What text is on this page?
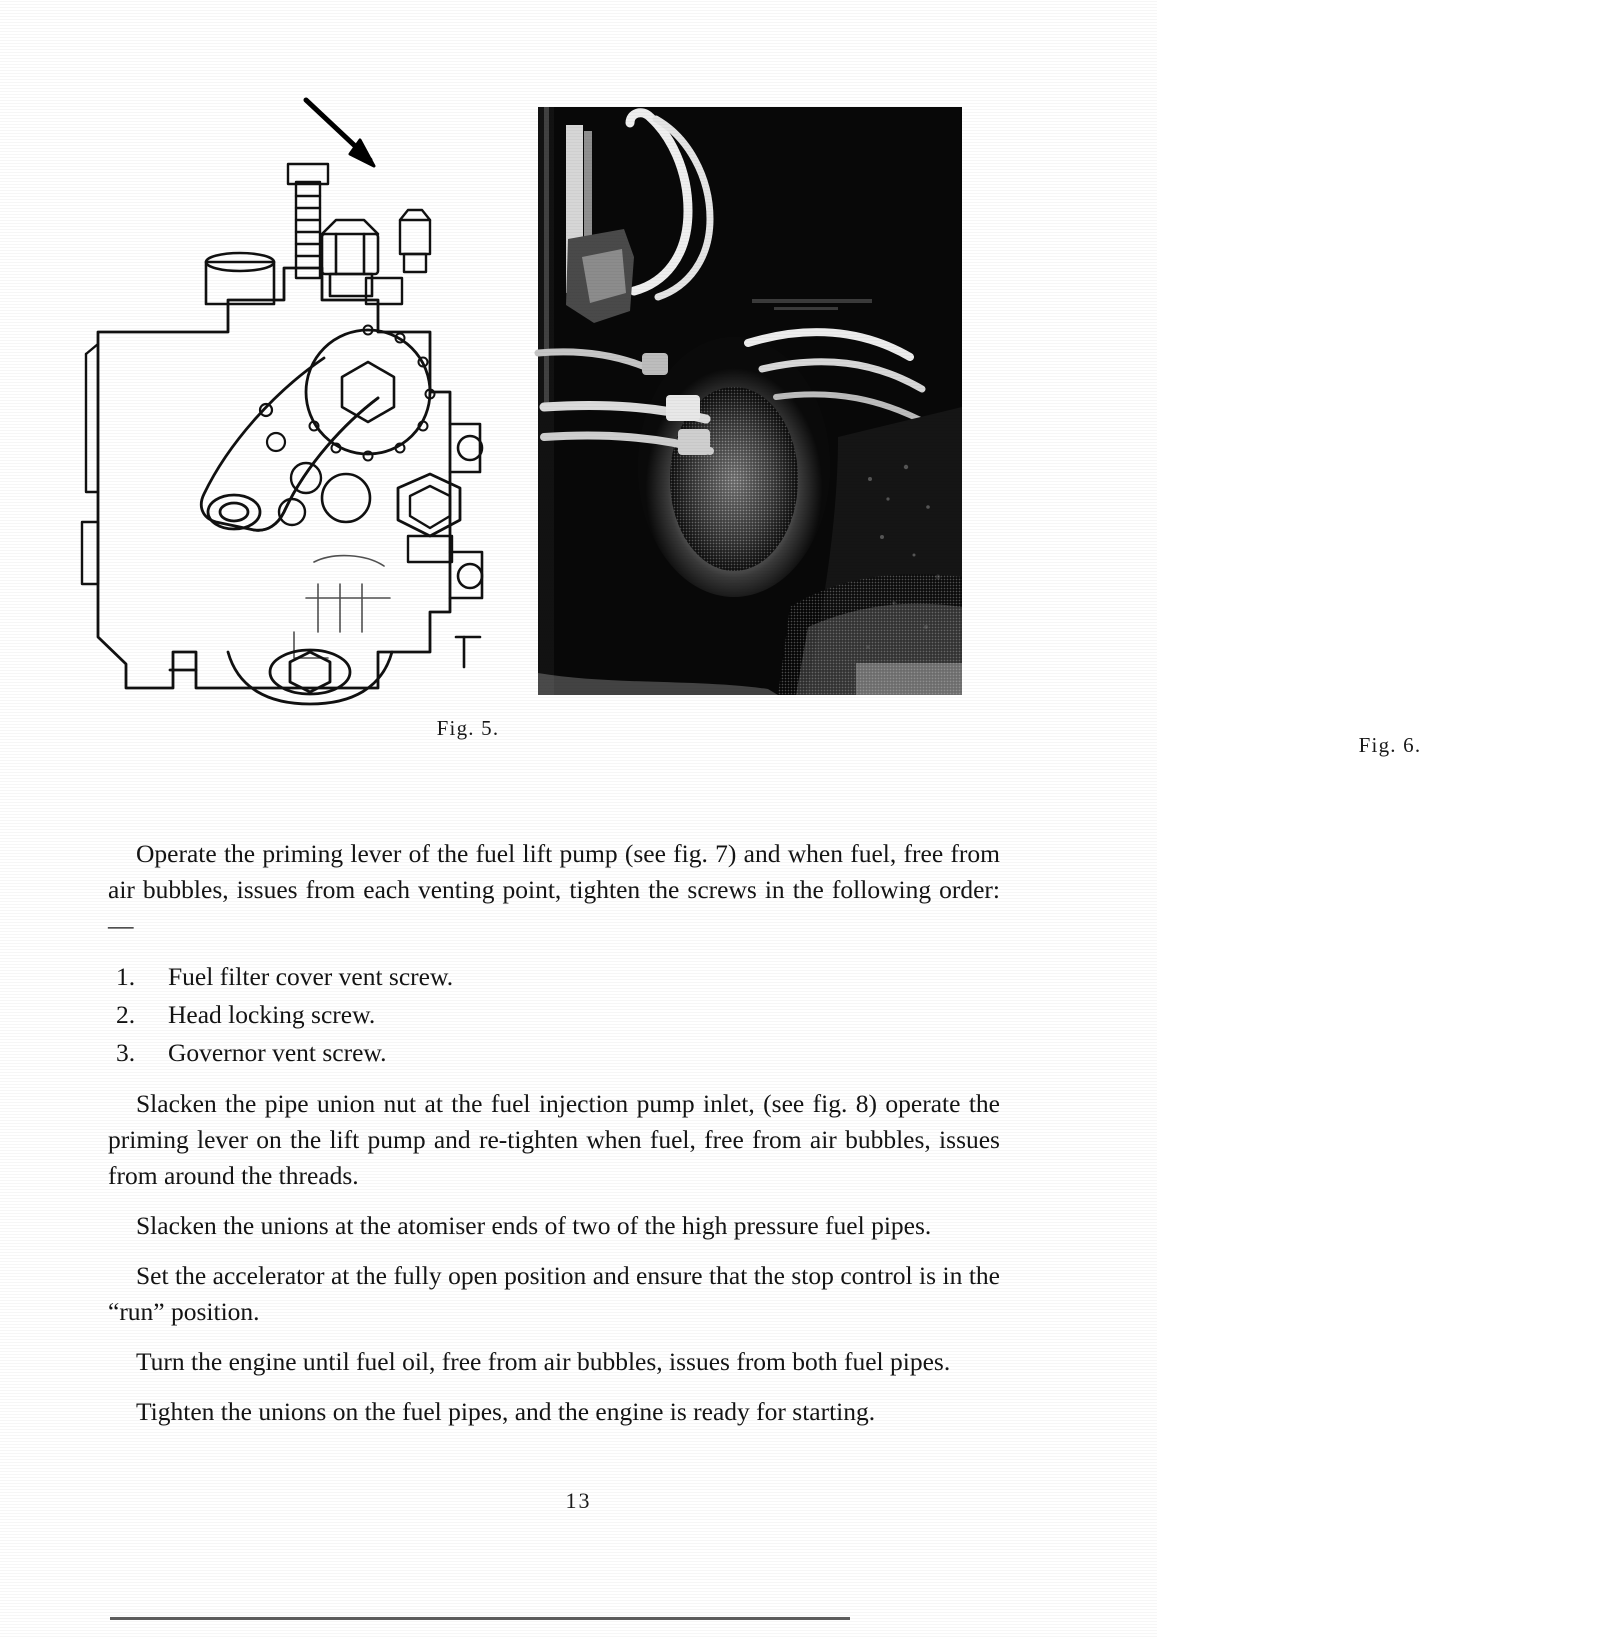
Fig. 5.
Fig. 6.

Operate the priming lever of the fuel lift pump (see fig. 7) and when fuel, free from air bubbles, issues from each venting point, tighten the screws in the following order:—

1.	Fuel filter cover vent screw.
2.	Head locking screw.
3.	Governor vent screw.

Slacken the pipe union nut at the fuel injection pump inlet, (see fig. 8) operate the priming lever on the lift pump and re-tighten when fuel, free from air bubbles, issues from around the threads.

Slacken the unions at the atomiser ends of two of the high pressure fuel pipes.

Set the accelerator at the fully open position and ensure that the stop control is in the “run” position.

Turn the engine until fuel oil, free from air bubbles, issues from both fuel pipes.

Tighten the unions on the fuel pipes, and the engine is ready for starting.

13
